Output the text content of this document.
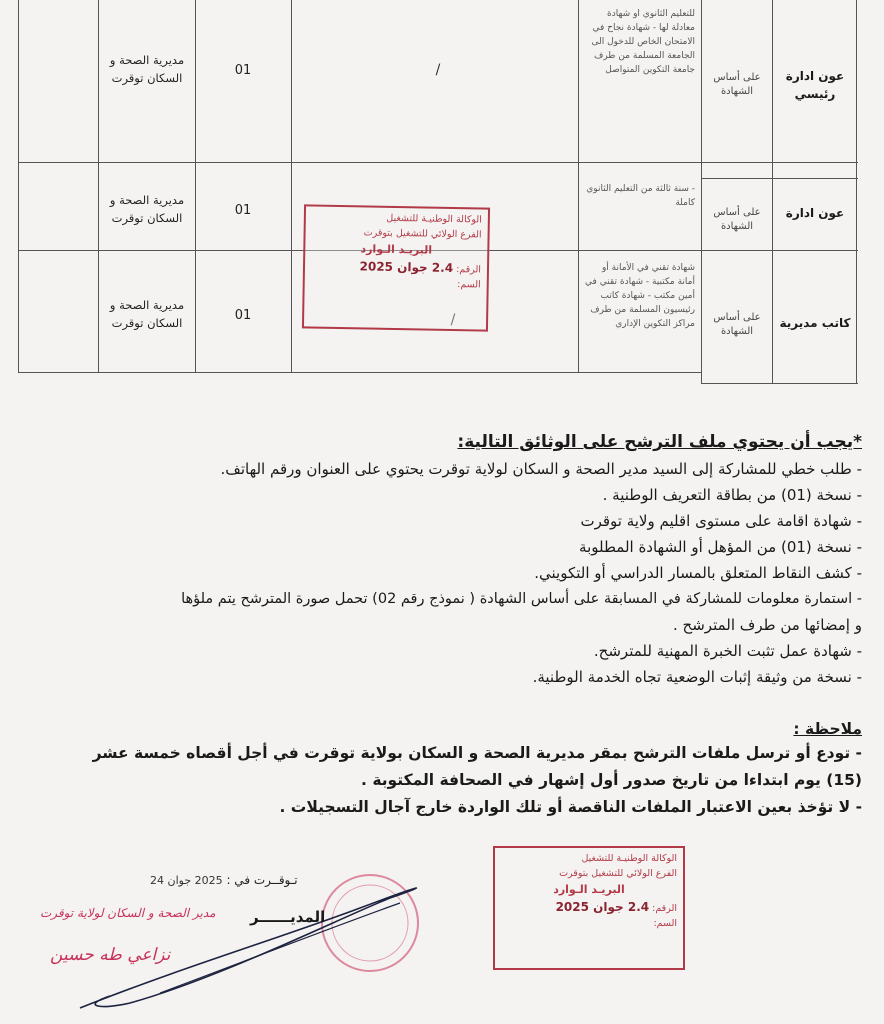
عون ادارة رئيسي
على أساس الشهادة
للتعليم الثانوي او شهادة معادلة لها - شهادة نجاح في الامتحان الخاص للدخول الى الجامعة المسلمة من طرف جامعة التكوين المتواصل
/
01
مديرية الصحة و السكان توقرت
عون ادارة
على أساس الشهادة
- سنة ثالثة من التعليم الثانوي كاملة
01
مديرية الصحة و السكان توقرت
كاتب مديرية
على أساس الشهادة
شهادة تقني في الأمانة أو أمانة مكتبية - شهادة تقني في أمين مكتب - شهادة كاتب رئيسيون المسلمة من طرف مراكز التكوين الإداري
/
01
مديرية الصحة و السكان توقرت
الوكالة الوطنيـة للتشغيل
الفرع الولائي للتشغيل بتوقرت
البريـد الـوارد
الرقم: 2.4 جوان 2025
السم:
*يجب أن يحتوي ملف الترشح على الوثائق التالية:
- طلب خطي للمشاركة إلى السيد مدير الصحة و السكان لولاية توقرت يحتوي على العنوان ورقم الهاتف.
- نسخة (01) من بطاقة التعريف الوطنية .
- شهادة اقامة على مستوى اقليم ولاية توقرت
- نسخة (01) من المؤهل أو الشهادة المطلوبة
- كشف النقاط المتعلق بالمسار الدراسي أو التكويني.
- استمارة معلومات للمشاركة في المسابقة على أساس الشهادة ( نموذج رقم 02) تحمل صورة المترشح يتم ملؤها
و إمضائها من طرف المترشح .
- شهادة عمل تثبت الخبرة المهنية للمترشح.
- نسخة من وثيقة إثبات الوضعية تجاه الخدمة الوطنية.
ملاحظة :
- تودع أو ترسل ملفات الترشح بمقر مديرية الصحة و السكان بولاية توقرت في أجل أقصاه خمسة عشر
(15) يوم ابتداءا من تاريخ صدور أول إشهار في الصحافة المكتوبة .
- لا تؤخذ بعين الاعتبار الملفات الناقصة أو تلك الواردة خارج آجال التسجيلات .
الوكالة الوطنيـة للتشغيل
الفرع الولائي للتشغيل بتوقرت
البريـد الـوارد
الرقم: 2.4 جوان 2025
السم:
تـوقــرت في : 2025 جوان 24
مدير الصحة و السكان لولاية توقرت المديــــــر
نزاعي طه حسين
